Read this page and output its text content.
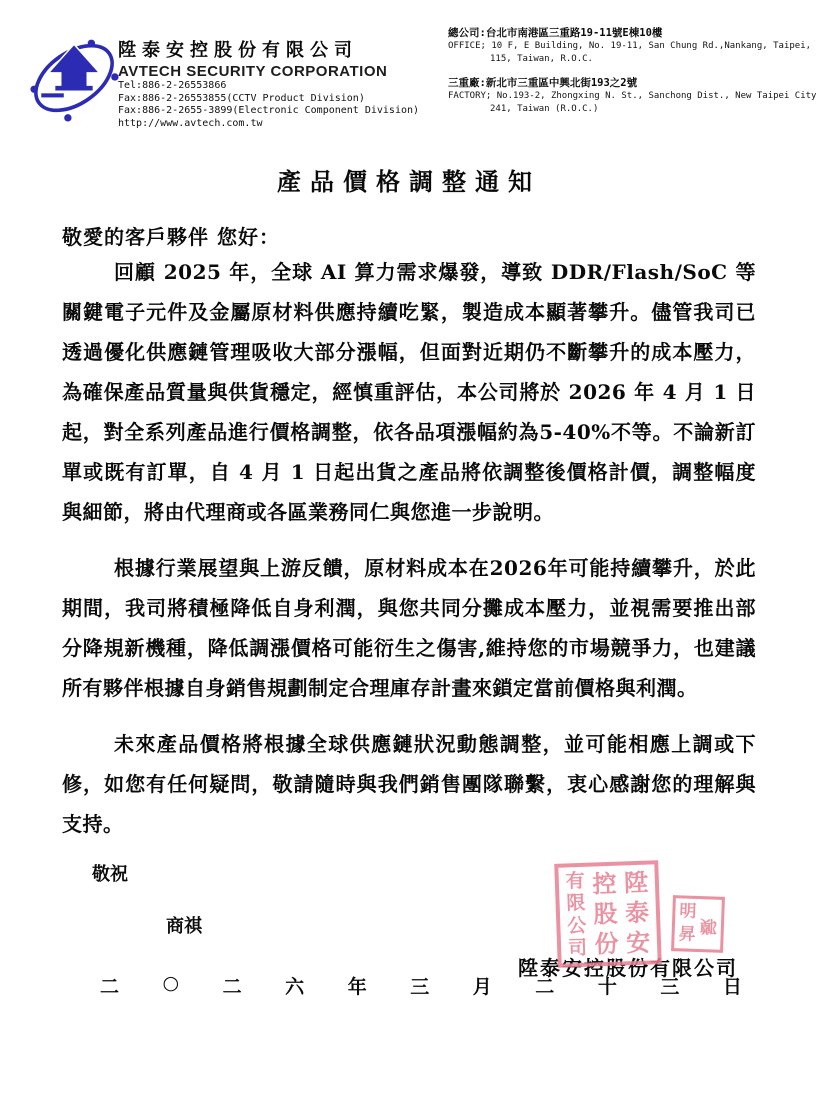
陞泰安控股份有限公司
AVTECH SECURITY CORPORATION
Tel:886-2-26553866
Fax:886-2-26553855(CCTV Product Division)
Fax:886-2-2655-3899(Electronic Component Division)
http://www.avtech.com.tw
總公司:台北市南港區三重路19-11號E棟10樓
OFFICE; 10 F, E Building, No. 19-11, San Chung Rd.,Nankang, Taipei,
115, Taiwan, R.O.C.
三重廠:新北市三重區中興北街193之2號
FACTORY; No.193-2, Zhongxing N. St., Sanchong Dist., New Taipei City
241, Taiwan (R.O.C.)
產品價格調整通知
敬愛的客戶夥伴 您好：

回顧 2025 年，全球 AI 算力需求爆發，導致 DDR/Flash/SoC 等關鍵電子元件及金屬原材料供應持續吃緊，製造成本顯著攀升。儘管我司已透過優化供應鏈管理吸收大部分漲幅，但面對近期仍不斷攀升的成本壓力，為確保產品質量與供貨穩定，經慎重評估，本公司將於 2026 年 4 月 1 日起，對全系列產品進行價格調整，依各品項漲幅約為5-40%不等。不論新訂單或既有訂單，自 4 月 1 日起出貨之產品將依調整後價格計價，調整幅度與細節，將由代理商或各區業務同仁與您進一步說明。

根據行業展望與上游反饋，原材料成本在2026年可能持續攀升，於此期間，我司將積極降低自身利潤，與您共同分攤成本壓力，並視需要推出部分降規新機種，降低調漲價格可能衍生之傷害,維持您的市場競爭力，也建議所有夥伴根據自身銷售規劃制定合理庫存計畫來鎖定當前價格與利潤。

未來產品價格將根據全球供應鏈狀況動態調整，並可能相應上調或下修，如您有任何疑問，敬請隨時與我們銷售團隊聯繫，衷心感謝您的理解與支持。

敬祝
商祺
陞泰安控股份有限公司
陞
泰
安
控
股
份
有
限
公
司
鄭
明
昇
二 ○ 二 六 年 三 月 二 十 三 日
